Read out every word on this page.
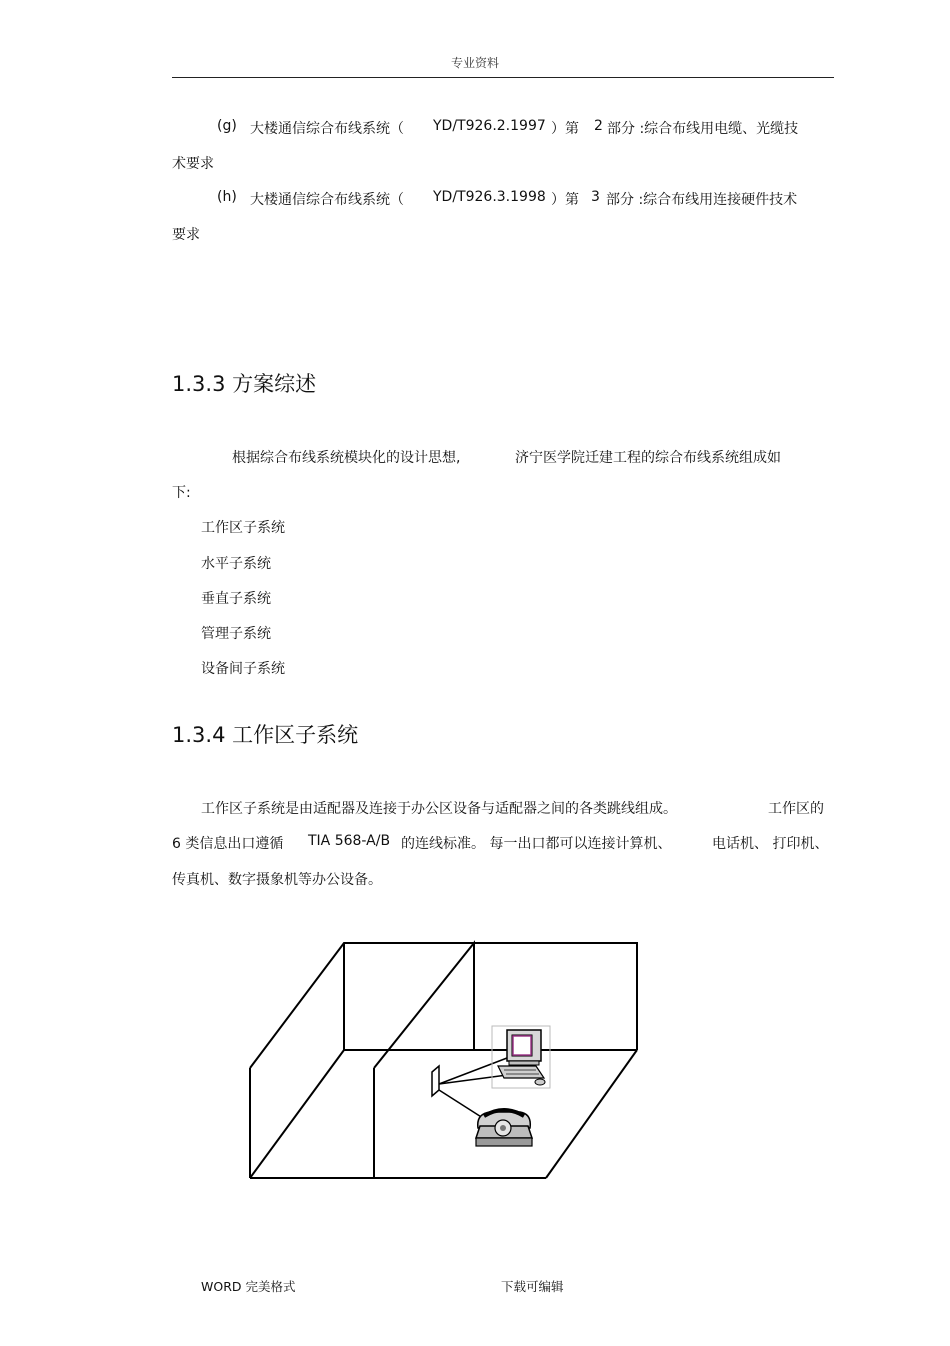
专业资料
(g) 大楼通信综合布线系统（ YD/T926.2.1997 ）第 2 部分 :综合布线用电缆、光缆技
术要求
(h) 大楼通信综合布线系统（ YD/T926.3.1998 ）第 3 部分 :综合布线用连接硬件技术
要求
1.3.3 方案综述
根据综合布线系统模块化的设计思想,	济宁医学院迁建工程的综合布线系统组成如
下:
工作区子系统
水平子系统
垂直子系统
管理子系统
设备间子系统
1.3.4 工作区子系统
工作区子系统是由适配器及连接于办公区设备与适配器之间的各类跳线组成。	工作区的
6 类信息出口遵循 TIA 568-A/B 的连线标准。 每一出口都可以连接计算机、	电话机、 打印机、
传真机、数字摄象机等办公设备。
WORD 完美格式	下载可编辑
